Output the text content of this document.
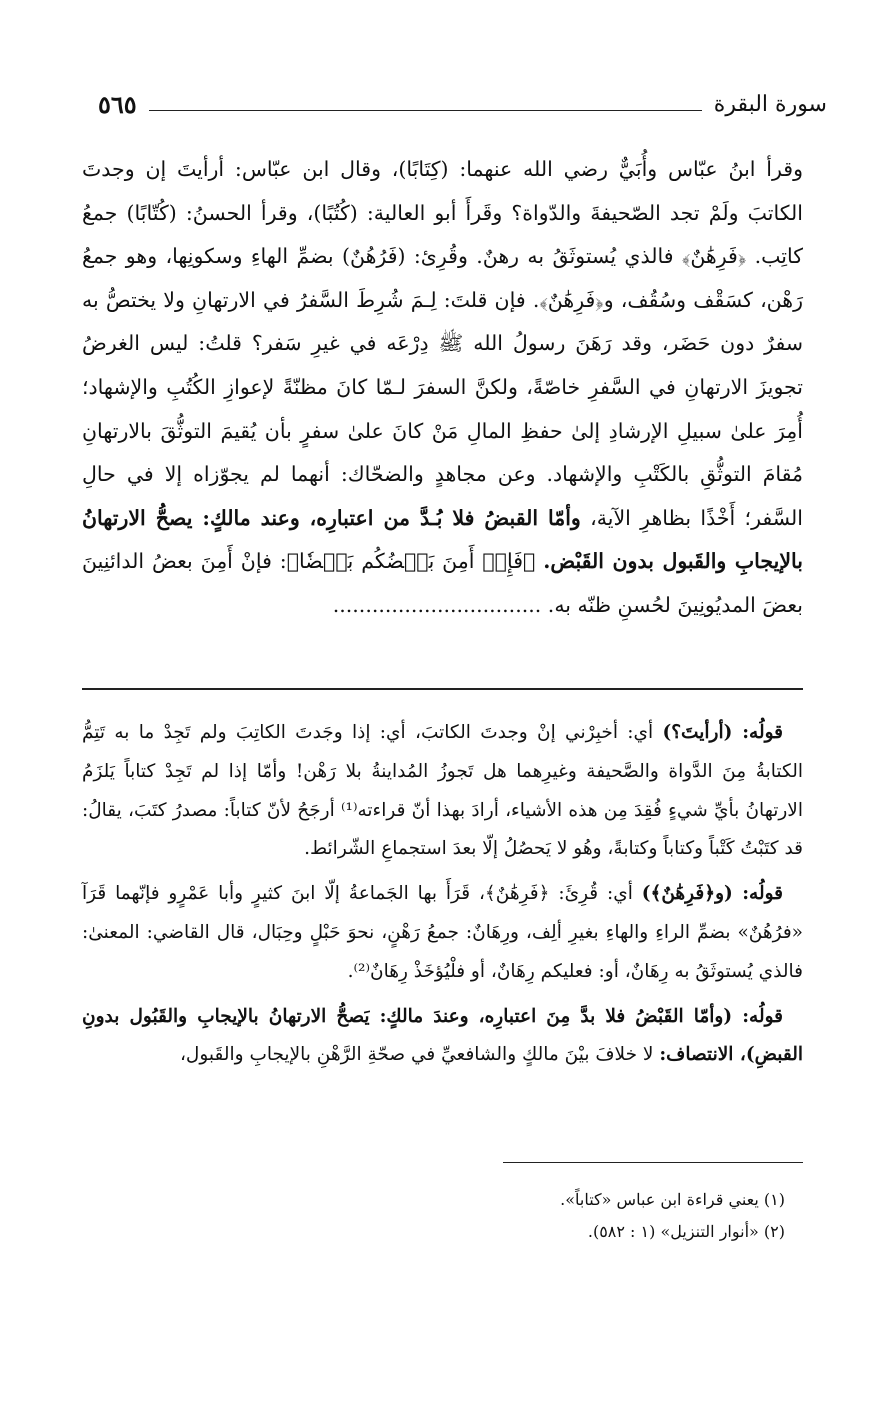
سورة البقرة
٥٦٥

وقرأ ابنُ عبّاس وأُبَيٌّ رضي الله عنهما: (كِتَابًا)، وقال ابن عبّاس: أرأيتَ إن وجدتَ الكاتبَ ولَمْ تجد الصّحيفةَ والدّواة؟ وقَرأَ أبو العالية: (كُتُبًا)، وقرأ الحسنُ: (كُتّابًا) جمعُ كاتِب. ﴿فَرِهَٰنٌ﴾ فالذي يُستوثَقُ به رهنٌ. وقُرِئ: (فَرُهُنٌ) بضمِّ الهاءِ وسكونِها، وهو جمعُ رَهْن، كسَقْف وسُقُف، و﴿فَرِهَٰنٌ﴾. فإن قلتَ: لِـمَ شُرِطَ السَّفرُ في الارتهانِ ولا يختصُّ به سفرٌ دون حَضَر، وقد رَهَنَ رسولُ الله ﷺ دِرْعَه في غيرِ سَفر؟ قلتُ: ليس الغرضُ تجويزَ الارتهانِ في السَّفرِ خاصّةً، ولكنَّ السفرَ لـمّا كانَ مظنّةً لإعوازِ الكُتُبِ والإشهاد؛ أُمِرَ علىٰ سبيلِ الإرشادِ إلىٰ حفظِ المالِ مَنْ كانَ علىٰ سفرٍ بأن يُقيمَ التوثُّقَ بالارتهانِ مُقامَ التوثُّقِ بالكَتْبِ والإشهاد. وعن مجاهدٍ والضحّاك: أنهما لم يجوّزاه إلا في حالِ السَّفر؛ أَخْذًا بظاهرِ الآية، وأمّا القبضُ فلا بُـدَّ من اعتبارِه، وعند مالكٍ: يصحُّ الارتهانُ بالإيجابِ والقَبول بدون القَبْض. ﴿فَإِنۡ أَمِنَ بَعۡضُكُم بَعۡضٗا﴾: فإنْ أَمِنَ بعضُ الدائنِينَ بعضَ المديُونِينَ لحُسنِ ظنّه به. ................................

قولُه: (أرأيتَ؟) أي: أخبِرْني إنْ وجدتَ الكاتبَ، أي: إذا وجَدتَ الكاتِبَ ولم تَجِدْ ما به تَتِمُّ الكتابةُ مِنَ الدَّواة والصَّحيفة وغيرِهما هل تَجوزُ المُداينةُ بلا رَهْن! وأمّا إذا لم تَجِدْ كتاباً يَلزَمُ الارتهانُ بأيِّ شيءٍ فُقِدَ مِن هذه الأشياء، أرادَ بهذا أنّ قراءته⁽¹⁾ أرجَحُ لأنّ كتاباً: مصدرُ كتَبَ، يقالُ: قد كتَبْتُ كَتْباً وكتاباً وكتابةً، وهُو لا يَحصُلُ إلّا بعدَ استجماعِ الشّرائط.

قولُه: (و﴿فَرِهَٰنٌ﴾) أي: قُرِئَ: ﴿فَرِهَٰنٌ﴾، قَرَأَ بها الجَماعةُ إلّا ابنَ كثيرٍ وأبا عَمْرٍو فإنّهما قَرَآ «فرُهُنٌ» بضمِّ الراءِ والهاءِ بغيرِ ألِف، ورِهَانٌ: جمعُ رَهْنٍ، نحوَ حَبْلٍ وحِبَال، قال القاضي: المعنىٰ: فالذي يُستوثَقُ به رِهَانٌ، أو: فعليكم رِهَانٌ، أو فلْيُؤخَذْ رِهَانٌ⁽²⁾.

قولُه: (وأمّا القَبْضُ فلا بدَّ مِنَ اعتبارِه، وعندَ مالكٍ: يَصحُّ الارتهانُ بالإيجابِ والقَبُول بدونِ القبضِ)، الانتصاف: لا خلافَ بيْنَ مالكٍ والشافعيِّ في صحّةِ الرَّهْنِ بالإيجابِ والقَبول،

(١) يعني قراءة ابن عباس «كتاباً».
(٢) «أنوار التنزيل» (١ : ٥٨٢).
